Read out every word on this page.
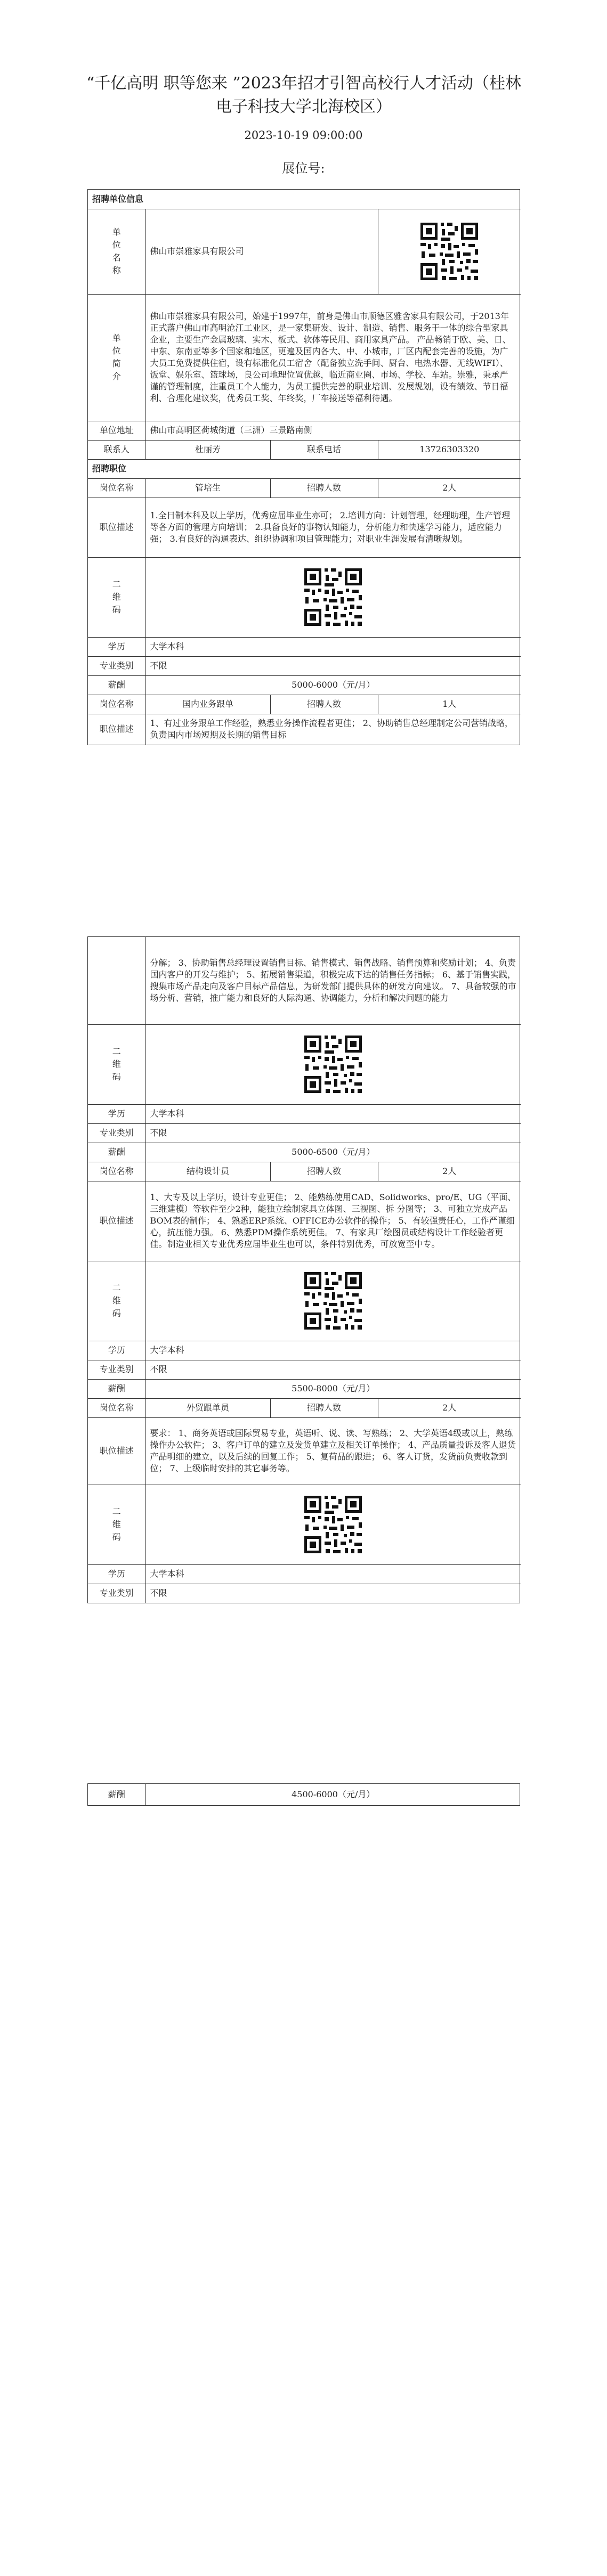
“千亿高明 职等您来 ”2023年招才引智高校行人才活动（桂林电子科技大学北海校区）
2023-10-19 09:00:00
展位号:
招聘单位信息			

单位名称	佛山市崇雅家具有限公司	

单位简介	佛山市崇雅家具有限公司，始建于1997年，前身是佛山市顺德区雅舍家具有限公司，于2013年正式落户佛山市高明沧江工业区，是一家集研发、设计、制造、销售、服务于一体的综合型家具企业，主要生产金属玻璃、实木、板式、软体等民用、商用家具产品。 产品畅销于欧、美、日、中东、东南亚等多个国家和地区，更遍及国内各大、中、小城市，厂区内配套完善的设施，为广大员工免费提供住宿，设有标准化员工宿舍（配备独立洗手间、厨台、电热水器、无线WIFI）、饭堂、娱乐室、篮球场，良公司地理位置优越，临近商业圈、市场、学校、车站。崇雅，秉承严谨的管理制度，注重员工个人能力，为员工提供完善的职业培训、发展规划，设有绩效、节日福利、合理化建议奖，优秀员工奖、年终奖，厂车接送等福利待遇。		
单位地址	佛山市高明区荷城街道（三洲）三景路南侧		
联系人	杜丽芳	联系电话	13726303320
招聘职位			
岗位名称	管培生	招聘人数	2人
职位描述	1.全日制本科及以上学历，优秀应届毕业生亦可； 2.培训方向：计划管理，经理助理，生产管理等各方面的管理方向培训； 2.具备良好的事物认知能力，分析能力和快速学习能力，适应能力强； 3.有良好的沟通表达、组织协调和项目管理能力；对职业生涯发展有清晰规划。		

二维码

学历	大学本科		
专业类别	不限		
薪酬	5000-6000（元/月）		
岗位名称	国内业务跟单	招聘人数	1人
职位描述	1、有过业务跟单工作经验，熟悉业务操作流程者更佳； 2、协助销售总经理制定公司营销战略，负责国内市场短期及长期的销售目标		
	分解； 3、协助销售总经理设置销售目标、销售模式、销售战略、销售预算和奖励计划； 4、负责国内客户的开发与维护； 5、拓展销售渠道，积极完成下达的销售任务指标； 6、基于销售实践，搜集市场产品走向及客户目标产品信息，为研发部门提供具体的研发方向建议。 7、具备较强的市场分析、营销，推广能力和良好的人际沟通、协调能力，分析和解决问题的能力		

二维码

学历	大学本科		
专业类别	不限		
薪酬	5000-6500（元/月）		
岗位名称	结构设计员	招聘人数	2人
职位描述	1、大专及以上学历，设计专业更佳； 2、能熟练使用CAD、Solidworks、pro/E、UG（平面、三维建模）等软件至少2种，能独立绘制家具立体图、三视图、拆 分图等； 3、可独立完成产品BOM表的制作； 4、熟悉ERP系统、OFFICE办公软件的操作； 5、有较强责任心，工作严谨细心，抗压能力强。 6、熟悉PDM操作系统更佳。 7、有家具厂绘图员或结构设计工作经验者更佳。制造业相关专业优秀应届毕业生也可以，条件特别优秀，可放宽至中专。		

二维码

学历	大学本科		
专业类别	不限		
薪酬	5500-8000（元/月）		
岗位名称	外贸跟单员	招聘人数	2人
职位描述	要求： 1、商务英语或国际贸易专业，英语听、说、读、写熟练； 2、大学英语4级或以上，熟练操作办公软件； 3、客户订单的建立及发货单建立及相关订单操作； 4、产品质量投诉及客人退货产品明细的建立，以及后续的回复工作； 5、复荷品的跟进； 6、客人订货，发货前负责收款到位； 7、上级临时安排的其它事务等。		

二维码

学历	大学本科		
专业类别	不限		
薪酬	4500-6000（元/月）
